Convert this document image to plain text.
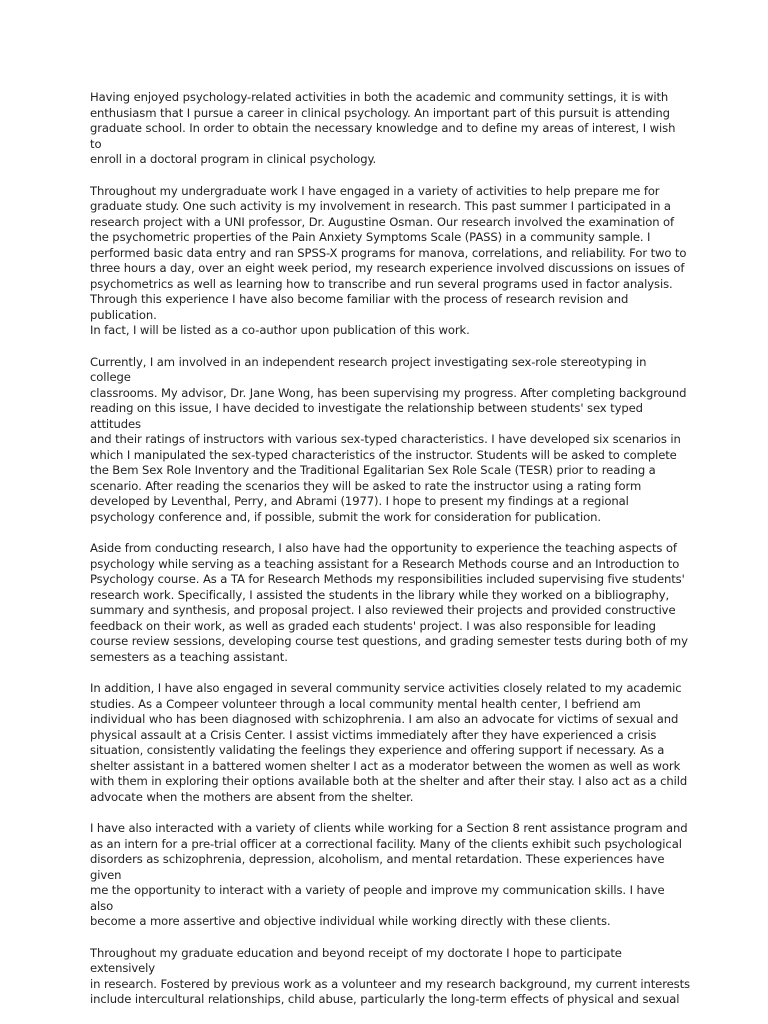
Having enjoyed psychology-related activities in both the academic and community settings, it is with
enthusiasm that I pursue a career in clinical psychology. An important part of this pursuit is attending
graduate school. In order to obtain the necessary knowledge and to define my areas of interest, I wish to
enroll in a doctoral program in clinical psychology.

Throughout my undergraduate work I have engaged in a variety of activities to help prepare me for
graduate study. One such activity is my involvement in research. This past summer I participated in a
research project with a UNI professor, Dr. Augustine Osman. Our research involved the examination of
the psychometric properties of the Pain Anxiety Symptoms Scale (PASS) in a community sample. I
performed basic data entry and ran SPSS-X programs for manova, correlations, and reliability. For two to
three hours a day, over an eight week period, my research experience involved discussions on issues of
psychometrics as well as learning how to transcribe and run several programs used in factor analysis.
Through this experience I have also become familiar with the process of research revision and publication.
In fact, I will be listed as a co-author upon publication of this work.

Currently, I am involved in an independent research project investigating sex-role stereotyping in college
classrooms. My advisor, Dr. Jane Wong, has been supervising my progress. After completing background
reading on this issue, I have decided to investigate the relationship between students' sex typed attitudes
and their ratings of instructors with various sex-typed characteristics. I have developed six scenarios in
which I manipulated the sex-typed characteristics of the instructor. Students will be asked to complete
the Bem Sex Role Inventory and the Traditional Egalitarian Sex Role Scale (TESR) prior to reading a
scenario. After reading the scenarios they will be asked to rate the instructor using a rating form
developed by Leventhal, Perry, and Abrami (1977). I hope to present my findings at a regional
psychology conference and, if possible, submit the work for consideration for publication.

Aside from conducting research, I also have had the opportunity to experience the teaching aspects of
psychology while serving as a teaching assistant for a Research Methods course and an Introduction to
Psychology course. As a TA for Research Methods my responsibilities included supervising five students'
research work. Specifically, I assisted the students in the library while they worked on a bibliography,
summary and synthesis, and proposal project. I also reviewed their projects and provided constructive
feedback on their work, as well as graded each students' project. I was also responsible for leading
course review sessions, developing course test questions, and grading semester tests during both of my
semesters as a teaching assistant.

In addition, I have also engaged in several community service activities closely related to my academic
studies. As a Compeer volunteer through a local community mental health center, I befriend am
individual who has been diagnosed with schizophrenia. I am also an advocate for victims of sexual and
physical assault at a Crisis Center. I assist victims immediately after they have experienced a crisis
situation, consistently validating the feelings they experience and offering support if necessary. As a
shelter assistant in a battered women shelter I act as a moderator between the women as well as work
with them in exploring their options available both at the shelter and after their stay. I also act as a child
advocate when the mothers are absent from the shelter.

I have also interacted with a variety of clients while working for a Section 8 rent assistance program and
as an intern for a pre-trial officer at a correctional facility. Many of the clients exhibit such psychological
disorders as schizophrenia, depression, alcoholism, and mental retardation. These experiences have given
me the opportunity to interact with a variety of people and improve my communication skills. I have also
become a more assertive and objective individual while working directly with these clients.

Throughout my graduate education and beyond receipt of my doctorate I hope to participate extensively
in research. Fostered by previous work as a volunteer and my research background, my current interests
include intercultural relationships, child abuse, particularly the long-term effects of physical and sexual
